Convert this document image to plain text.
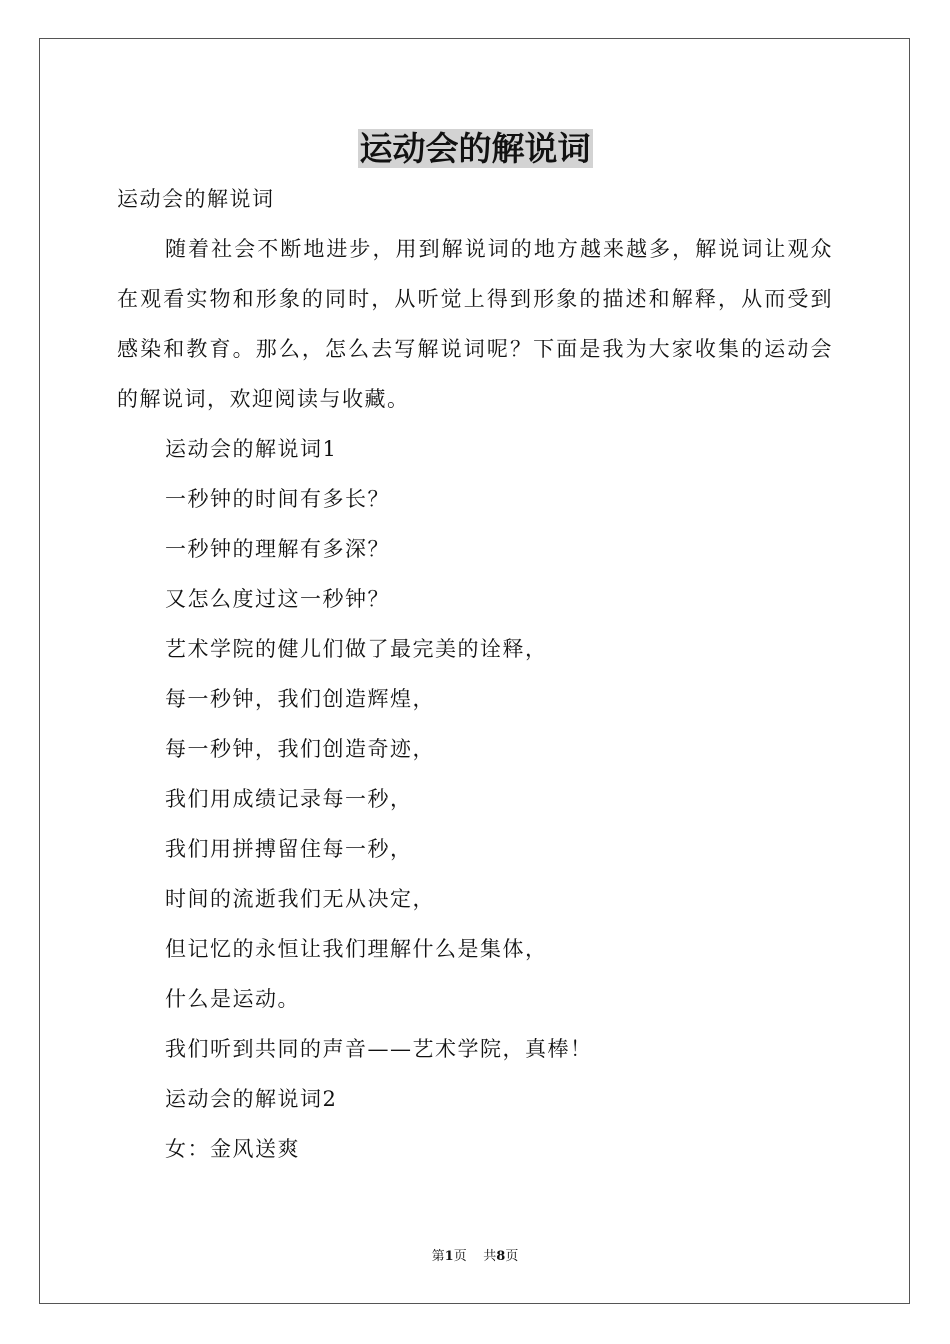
运动会的解说词

运动会的解说词

随着社会不断地进步，用到解说词的地方越来越多，解说词让观众在观看实物和形象的同时，从听觉上得到形象的描述和解释，从而受到感染和教育。那么，怎么去写解说词呢？下面是我为大家收集的运动会的解说词，欢迎阅读与收藏。

运动会的解说词1

一秒钟的时间有多长？

一秒钟的理解有多深？

又怎么度过这一秒钟？

艺术学院的健儿们做了最完美的诠释，

每一秒钟，我们创造辉煌，

每一秒钟，我们创造奇迹，

我们用成绩记录每一秒，

我们用拼搏留住每一秒，

时间的流逝我们无从决定，

但记忆的永恒让我们理解什么是集体，

什么是运动。

我们听到共同的声音——艺术学院，真棒！

运动会的解说词2

女：金风送爽

第1页 共8页
